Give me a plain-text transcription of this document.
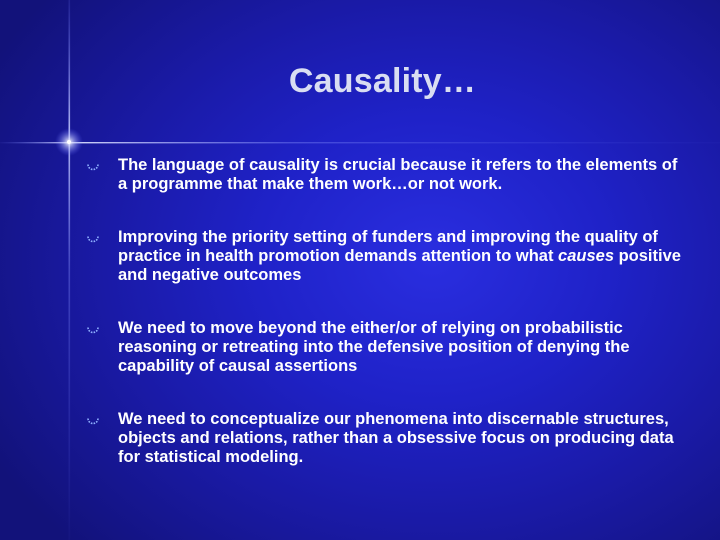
Causality…
The language of causality is crucial because it refers to the elements of a programme that make them work…or not work.
Improving the priority setting of funders and improving the quality of practice in health promotion demands attention to what causes positive and negative outcomes
We need to move beyond the either/or of relying on probabilistic reasoning or retreating into the defensive position of denying the capability of causal assertions
We need to conceptualize our phenomena into discernable structures, objects and relations, rather than a obsessive focus on producing data for statistical modeling.
